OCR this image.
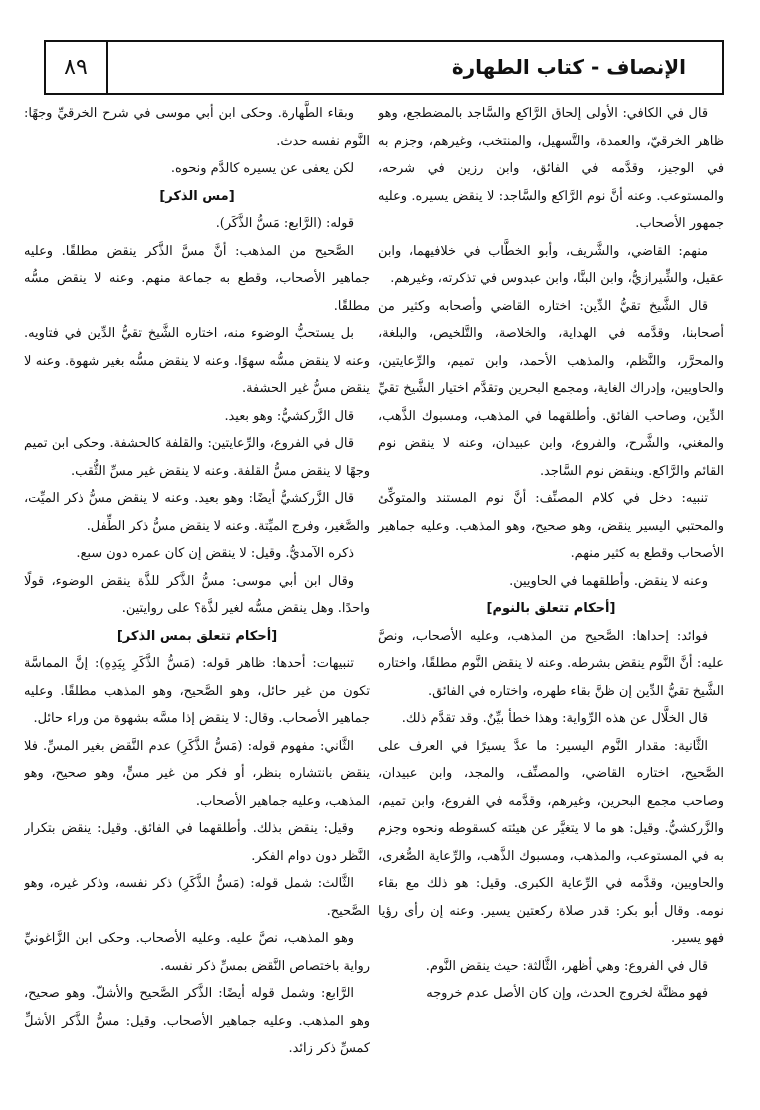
٨٩	الإنصاف - كتاب الطهارة

قال في الكافي: الأولى إلحاق الرَّاكع والسَّاجد بالمضطجع، وهو ظاهر الخرقيّ، والعمدة، والتَّسهيل، والمنتخب، وغيرهم، وجزم به في الوجيز، وقدَّمه في الفائق، وابن رزين في شرحه، والمستوعب. وعنه أنَّ نوم الرَّاكع والسَّاجد: لا ينقض يسيره. وعليه جمهور الأصحاب.

منهم: القاضي، والشَّريف، وأبو الخطَّاب في خلافيهما، وابن عقيل، والشِّيرازيُّ، وابن البنَّا، وابن عبدوس في تذكرته، وغيرهم.

قال الشَّيخ تقيُّ الدِّين: اختاره القاضي وأصحابه وكثير من أصحابنا، وقدَّمه في الهداية، والخلاصة، والتَّلخيص، والبلغة، والمحرَّر، والنَّظم، والمذهب الأحمد، وابن تميم، والرِّعايتين، والحاويين، وإدراك الغاية، ومجمع البحرين وتقدَّم اختيار الشَّيخ تقيِّ الدِّين، وصاحب الفائق. وأطلقهما في المذهب، ومسبوك الذَّهب، والمغني، والشَّرح، والفروع، وابن عبيدان، وعنه لا ينقض نوم القائم والرَّاكع. وينقض نوم السَّاجد.

تنبيه: دخل في كلام المصنِّف: أنَّ نوم المستند والمتوكِّئ والمحتبي اليسير ينقض، وهو صحيح، وهو المذهب. وعليه جماهير الأصحاب وقطع به كثير منهم.

وعنه لا ينقض. وأطلقهما في الحاويين.

[أحكام تتعلق بالنوم]

فوائد: إحداها: الصَّحيح من المذهب، وعليه الأصحاب، ونصَّ عليه: أنَّ النَّوم ينقض بشرطه. وعنه لا ينقض النَّوم مطلقًا، واختاره الشَّيخ تقيُّ الدِّين إن ظنَّ بقاء طهره، واختاره في الفائق.

قال الخلَّال عن هذه الرِّواية: وهذا خطأ بيِّنٌ. وقد تقدَّم ذلك.

الثَّانية: مقدار النَّوم اليسير: ما عدَّ يسيرًا في العرف على الصَّحيح، اختاره القاضي، والمصنِّف، والمجد، وابن عبيدان، وصاحب مجمع البحرين، وغيرهم، وقدَّمه في الفروع، وابن تميم، والزَّركشيُّ. وقيل: هو ما لا يتغيَّر عن هيئته كسقوطه ونحوه وجزم به في المستوعب، والمذهب، ومسبوك الذَّهب، والرِّعاية الصُّغرى، والحاويين، وقدَّمه في الرِّعاية الكبرى. وقيل: هو ذلك مع بقاء نومه. وقال أبو بكر: قدر صلاة ركعتين يسير. وعنه إن رأى رؤيا فهو يسير.

قال في الفروع: وهي أظهر، الثَّالثة: حيث ينقض النَّوم.

فهو مظنَّة لخروج الحدث، وإن كان الأصل عدم خروجه

وبقاء الطَّهارة. وحكى ابن أبي موسى في شرح الخرقيِّ وجهًا: النَّوم نفسه حدث.

لكن يعفى عن يسيره كالدَّم ونحوه.

[مس الذكر]

قوله: (الرَّابع: مَسُّ الذَّكَر).

الصَّحيح من المذهب: أنَّ مسَّ الذَّكر ينقض مطلقًا. وعليه جماهير الأصحاب، وقطع به جماعة منهم. وعنه لا ينقض مسُّه مطلقًا.

بل يستحبُّ الوضوء منه، اختاره الشَّيخ تقيُّ الدِّين في فتاويه. وعنه لا ينقض مسُّه سهوًا. وعنه لا ينقض مسُّه بغير شهوة. وعنه لا ينقض مسُّ غير الحشفة.

قال الزَّركشيُّ: وهو بعيد.

قال في الفروع، والرِّعايتين: والقلفة كالحشفة. وحكى ابن تميم وجهًا لا ينقض مسُّ القلفة. وعنه لا ينقض غير مسِّ الثُّقب.

قال الزَّركشيُّ أيضًا: وهو بعيد. وعنه لا ينقض مسُّ ذكر الميِّت، والصَّغير، وفرج الميِّتة. وعنه لا ينقض مسُّ ذكر الطِّفل.

ذكره الآمديُّ. وقيل: لا ينقض إن كان عمره دون سبع.

وقال ابن أبي موسى: مسُّ الذَّكر للذَّة ينقض الوضوء، قولًا واحدًا. وهل ينقض مسُّه لغير لذَّة؟ على روايتين.

[أحكام تتعلق بمس الذكر]

تنبيهات: أحدها: ظاهر قوله: (مَسُّ الذَّكَرِ بِيَدِهِ): إنَّ المماسَّة تكون من غير حائل، وهو الصَّحيح، وهو المذهب مطلقًا. وعليه جماهير الأصحاب. وقال: لا ينقض إذا مسَّه بشهوة من وراء حائل.

الثَّاني: مفهوم قوله: (مَسُّ الذَّكَرِ) عدم النَّقض بغير المسِّ. فلا ينقض بانتشاره بنظر، أو فكر من غير مسٍّ، وهو صحيح، وهو المذهب، وعليه جماهير الأصحاب.

وقيل: ينقض بذلك. وأطلقهما في الفائق. وقيل: ينقض بتكرار النَّظر دون دوام الفكر.

الثَّالث: شمل قوله: (مَسُّ الذَّكَرِ) ذكر نفسه، وذكر غيره، وهو الصَّحيح.

وهو المذهب، نصَّ عليه. وعليه الأصحاب. وحكى ابن الزَّاغونيِّ رواية باختصاص النَّقض بمسِّ ذكر نفسه.

الرَّابع: وشمل قوله أيضًا: الذَّكر الصَّحيح والأشلّ. وهو صحيح، وهو المذهب. وعليه جماهير الأصحاب. وقيل: مسُّ الذَّكر الأشلِّ كمسِّ ذكر زائد.
